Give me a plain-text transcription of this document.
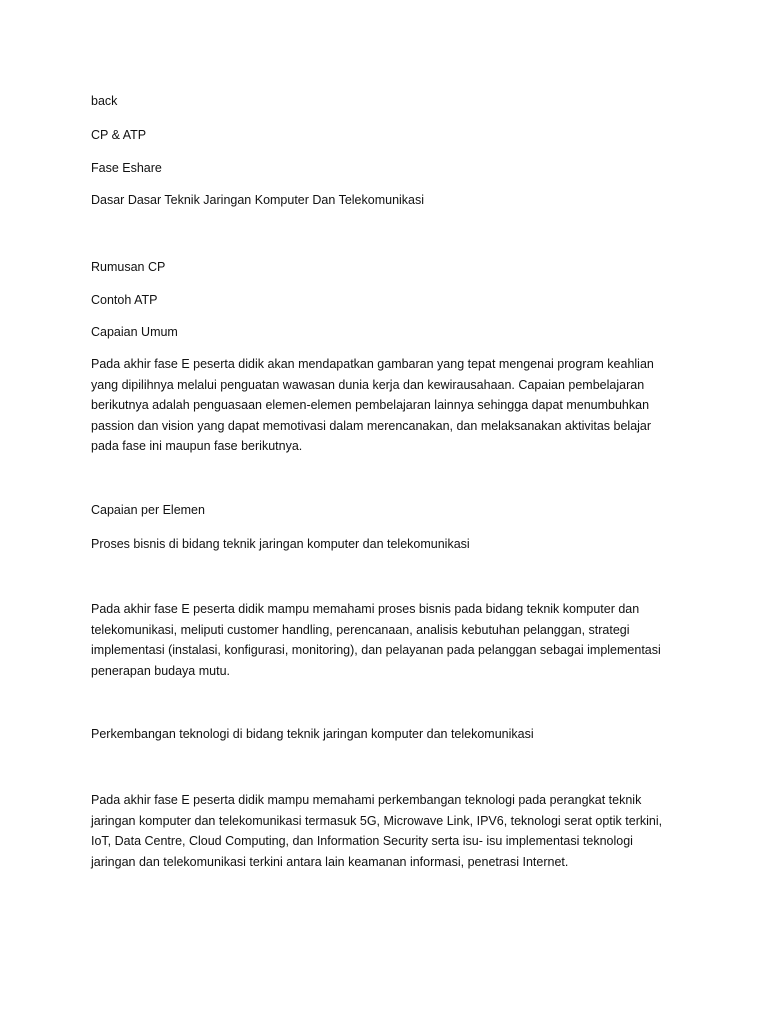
back
CP & ATP
Fase Eshare
Dasar Dasar Teknik Jaringan Komputer Dan Telekomunikasi
Rumusan CP
Contoh ATP
Capaian Umum
Pada akhir fase E peserta didik akan mendapatkan gambaran yang tepat mengenai program keahlian
yang dipilihnya melalui penguatan wawasan dunia kerja dan kewirausahaan. Capaian pembelajaran
berikutnya adalah penguasaan elemen-elemen pembelajaran lainnya sehingga dapat menumbuhkan
passion dan vision yang dapat memotivasi dalam merencanakan, dan melaksanakan aktivitas belajar
pada fase ini maupun fase berikutnya.
Capaian per Elemen
Proses bisnis di bidang teknik jaringan komputer dan telekomunikasi
Pada akhir fase E peserta didik mampu memahami proses bisnis pada bidang teknik komputer dan
telekomunikasi, meliputi customer handling, perencanaan, analisis kebutuhan pelanggan, strategi
implementasi (instalasi, konfigurasi, monitoring), dan pelayanan pada pelanggan sebagai implementasi
penerapan budaya mutu.
Perkembangan teknologi di bidang teknik jaringan komputer dan telekomunikasi
Pada akhir fase E peserta didik mampu memahami perkembangan teknologi pada perangkat teknik
jaringan komputer dan telekomunikasi termasuk 5G, Microwave Link, IPV6, teknologi serat optik terkini,
IoT, Data Centre, Cloud Computing, dan Information Security serta isu- isu implementasi teknologi
jaringan dan telekomunikasi terkini antara lain keamanan informasi, penetrasi Internet.
